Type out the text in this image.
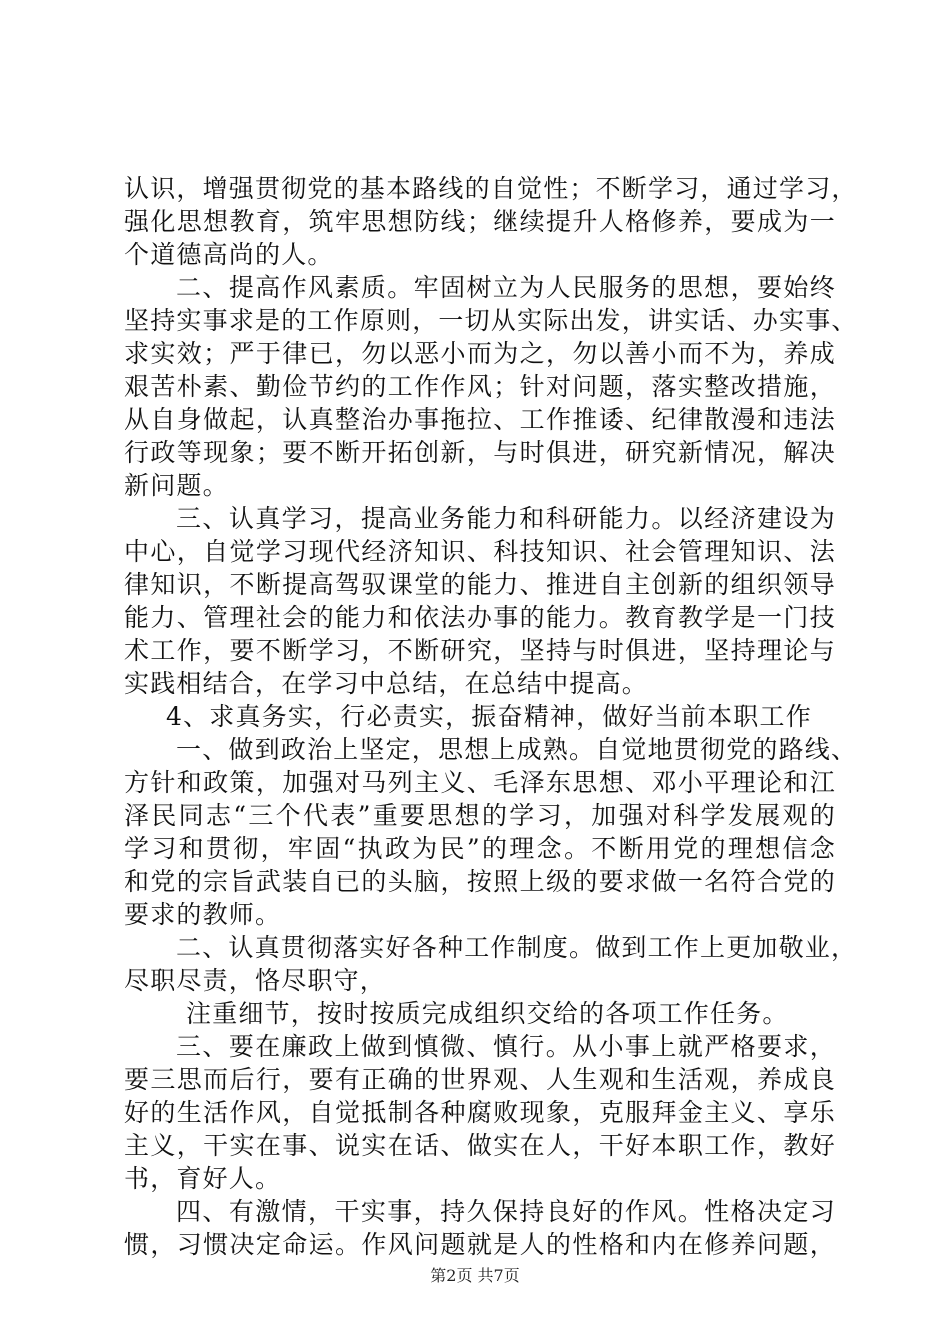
认识，增强贯彻党的基本路线的自觉性；不断学习，通过学习，
强化思想教育，筑牢思想防线；继续提升人格修养，要成为一
个道德高尚的人。
二、提高作风素质。牢固树立为人民服务的思想，要始终
坚持实事求是的工作原则，一切从实际出发，讲实话、办实事、
求实效；严于律已，勿以恶小而为之，勿以善小而不为，养成
艰苦朴素、勤俭节约的工作作风；针对问题，落实整改措施，
从自身做起，认真整治办事拖拉、工作推诿、纪律散漫和违法
行政等现象；要不断开拓创新，与时俱进，研究新情况，解决
新问题。
三、认真学习，提高业务能力和科研能力。以经济建设为
中心，自觉学习现代经济知识、科技知识、社会管理知识、法
律知识，不断提高驾驭课堂的能力、推进自主创新的组织领导
能力、管理社会的能力和依法办事的能力。教育教学是一门技
术工作，要不断学习，不断研究，坚持与时俱进，坚持理论与
实践相结合，在学习中总结，在总结中提高。
4、求真务实，行必责实，振奋精神，做好当前本职工作
一、做到政治上坚定，思想上成熟。自觉地贯彻党的路线、
方针和政策，加强对马列主义、毛泽东思想、邓小平理论和江
泽民同志“三个代表”重要思想的学习，加强对科学发展观的
学习和贯彻，牢固“执政为民”的理念。不断用党的理想信念
和党的宗旨武装自已的头脑，按照上级的要求做一名符合党的
要求的教师。
二、认真贯彻落实好各种工作制度。做到工作上更加敬业，
尽职尽责，恪尽职守，
注重细节，按时按质完成组织交给的各项工作任务。
三、要在廉政上做到慎微、慎行。从小事上就严格要求，
要三思而后行，要有正确的世界观、人生观和生活观，养成良
好的生活作风，自觉抵制各种腐败现象，克服拜金主义、享乐
主义，干实在事、说实在话、做实在人，干好本职工作，教好
书，育好人。
四、有激情，干实事，持久保持良好的作风。性格决定习
惯，习惯决定命运。作风问题就是人的性格和内在修养问题，
第2页 共7页
